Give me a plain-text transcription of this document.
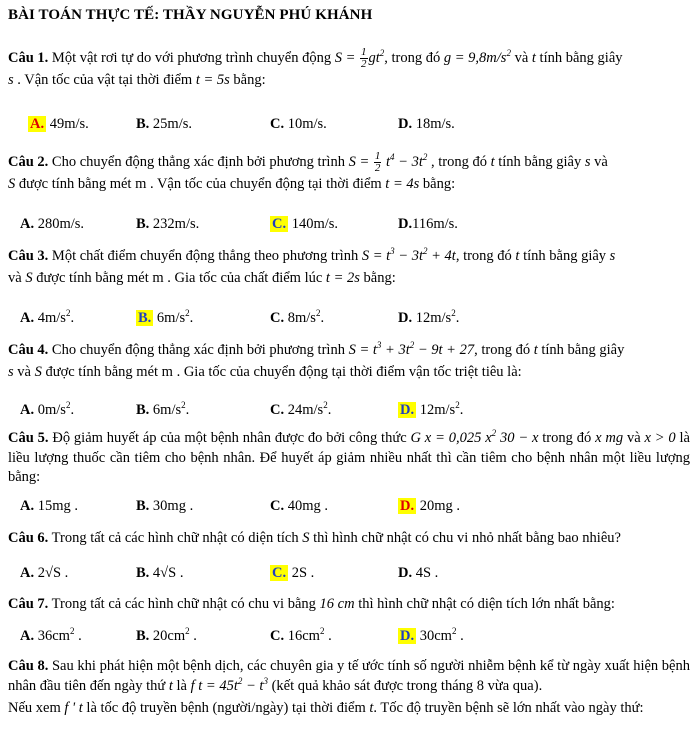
BÀI TOÁN THỰC TẾ: THẦY NGUYỄN PHÚ KHÁNH

Câu 1. Một vật rơi tự do với phương trình chuyển động $S = \frac{1}{2} gt^2$, trong đó $g = 9,8m/s^2$ và t tính bằng giây

s . Vận tốc của vật tại thời điểm t = 5s bằng:

A. 49m/s.	B. 25m/s.	C. 10m/s.	D. 18m/s.

Câu 2. Cho chuyển động thẳng xác định bởi phương trình $S = \frac{1}{2} t^4 - 3t^2$ , trong đó t tính bằng giây s và

S được tính bằng mét m . Vận tốc của chuyển động tại thời điểm t = 4s bằng:

A. 280m/s.	B. 232m/s.	C. 140m/s.	D.116m/s.

Câu 3. Một chất điểm chuyển động thẳng theo phương trình $S = t^3 - 3t^2 + 4t$, trong đó t tính bằng giây s

và S được tính bằng mét m . Gia tốc của chất điểm lúc t = 2s bằng:

A. $4m/s^2$.	B. $6m/s^2$.	C. $8m/s^2$.	D. $12m/s^2$.

Câu 4. Cho chuyển động thẳng xác định bởi phương trình $S = t^3 + 3t^2 - 9t + 27$, trong đó t tính bằng giây

s và S được tính bằng mét m . Gia tốc của chuyển động tại thời điểm vận tốc triệt tiêu là:

A. $0m/s^2$.	B. $6m/s^2$.	C. $24m/s^2$.	D. $12m/s^2$.

Câu 5. Độ giảm huyết áp của một bệnh nhân được đo bởi công thức G x = 0,025 $x^2$ 30 − x trong đó x mg và x > 0 là liều lượng thuốc cần tiêm cho bệnh nhân. Để huyết áp giảm nhiều nhất thì cần tiêm cho bệnh nhân một liều lượng bằng:

A. 15mg .	B. 30mg .	C. 40mg .	D. 20mg .

Câu 6. Trong tất cả các hình chữ nhật có diện tích S thì hình chữ nhật có chu vi nhỏ nhất bằng bao nhiêu?

A. 2√S .	B. 4√S .	C. 2S .	D. 4S .

Câu 7. Trong tất cả các hình chữ nhật có chu vi bằng 16 cm thì hình chữ nhật có diện tích lớn nhất bằng:

A. $36cm^2$ .	B. $20cm^2$ .	C. $16cm^2$ .	D. $30cm^2$ .

Câu 8. Sau khi phát hiện một bệnh dịch, các chuyên gia y tế ước tính số người nhiễm bệnh kể từ ngày xuất hiện bệnh nhân đầu tiên đến ngày thứ t là f $t = 45t^2 - t^3$ (kết quả khảo sát được trong tháng 8 vừa qua).

Nếu xem f ' t là tốc độ truyền bệnh (người/ngày) tại thời điểm t. Tốc độ truyền bệnh sẽ lớn nhất vào ngày thứ:
